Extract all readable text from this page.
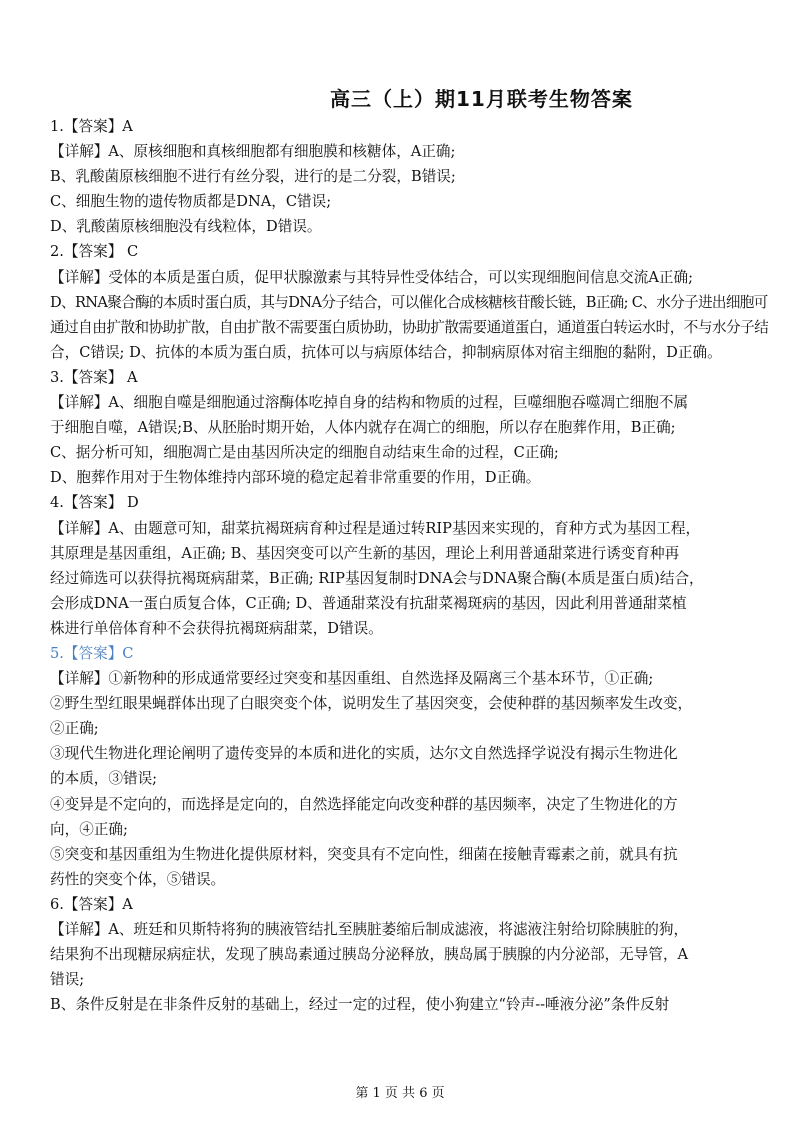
高三（上）期11月联考生物答案
1.【答案】A
【详解】A、原核细胞和真核细胞都有细胞膜和核糖体，A正确;
B、乳酸菌原核细胞不进行有丝分裂，进行的是二分裂，B错误;
C、细胞生物的遗传物质都是DNA，C错误;
D、乳酸菌原核细胞没有线粒体，D错误。
2.【答案】 C
【详解】受体的本质是蛋白质，促甲状腺激素与其特异性受体结合，可以实现细胞间信息交流A正确;
D、RNA聚合酶的本质时蛋白质，其与DNA分子结合，可以催化合成核糖核苷酸长链，B正确; C、水分子进出细胞可
通过自由扩散和协助扩散，自由扩散不需要蛋白质协助，协助扩散需要通道蛋白，通道蛋白转运水时，不与水分子结
合，C错误; D、抗体的本质为蛋白质，抗体可以与病原体结合，抑制病原体对宿主细胞的黏附，D正确。
3.【答案】 A
【详解】A、细胞自噬是细胞通过溶酶体吃掉自身的结构和物质的过程，巨噬细胞吞噬凋亡细胞不属
于细胞自噬，A错误;B、从胚胎时期开始，人体内就存在凋亡的细胞，所以存在胞葬作用，B正确;
C、据分析可知，细胞凋亡是由基因所决定的细胞自动结束生命的过程，C正确;
D、胞葬作用对于生物体维持内部环境的稳定起着非常重要的作用，D正确。
4.【答案】 D
【详解】A、由题意可知，甜菜抗褐斑病育种过程是通过转RIP基因来实现的，育种方式为基因工程，
其原理是基因重组，A正确; B、基因突变可以产生新的基因，理论上利用普通甜菜进行诱变育种再
经过筛选可以获得抗褐斑病甜菜，B正确; RIP基因复制时DNA会与DNA聚合酶(本质是蛋白质)结合，
会形成DNA一蛋白质复合体，C正确; D、普通甜菜没有抗甜菜褐斑病的基因，因此利用普通甜菜植
株进行单倍体育种不会获得抗褐斑病甜菜，D错误。
5.【答案】C
【详解】①新物种的形成通常要经过突变和基因重组、自然选择及隔离三个基本环节，①正确;
②野生型红眼果蝇群体出现了白眼突变个体，说明发生了基因突变，会使种群的基因频率发生改变，
②正确;
③现代生物进化理论阐明了遗传变异的本质和进化的实质，达尔文自然选择学说没有揭示生物进化
的本质，③错误;
④变异是不定向的，而选择是定向的，自然选择能定向改变种群的基因频率，决定了生物进化的方
向，④正确;
⑤突变和基因重组为生物进化提供原材料，突变具有不定向性，细菌在接触青霉素之前，就具有抗
药性的突变个体，⑤错误。
6.【答案】A
【详解】A、班廷和贝斯特将狗的胰液管结扎至胰脏萎缩后制成滤液，将滤液注射给切除胰脏的狗，
结果狗不出现糖尿病症状，发现了胰岛素通过胰岛分泌释放，胰岛属于胰腺的内分泌部，无导管，A
错误;
B、条件反射是在非条件反射的基础上，经过一定的过程，使小狗建立“铃声--唾液分泌”条件反射
第 1 页 共 6 页
